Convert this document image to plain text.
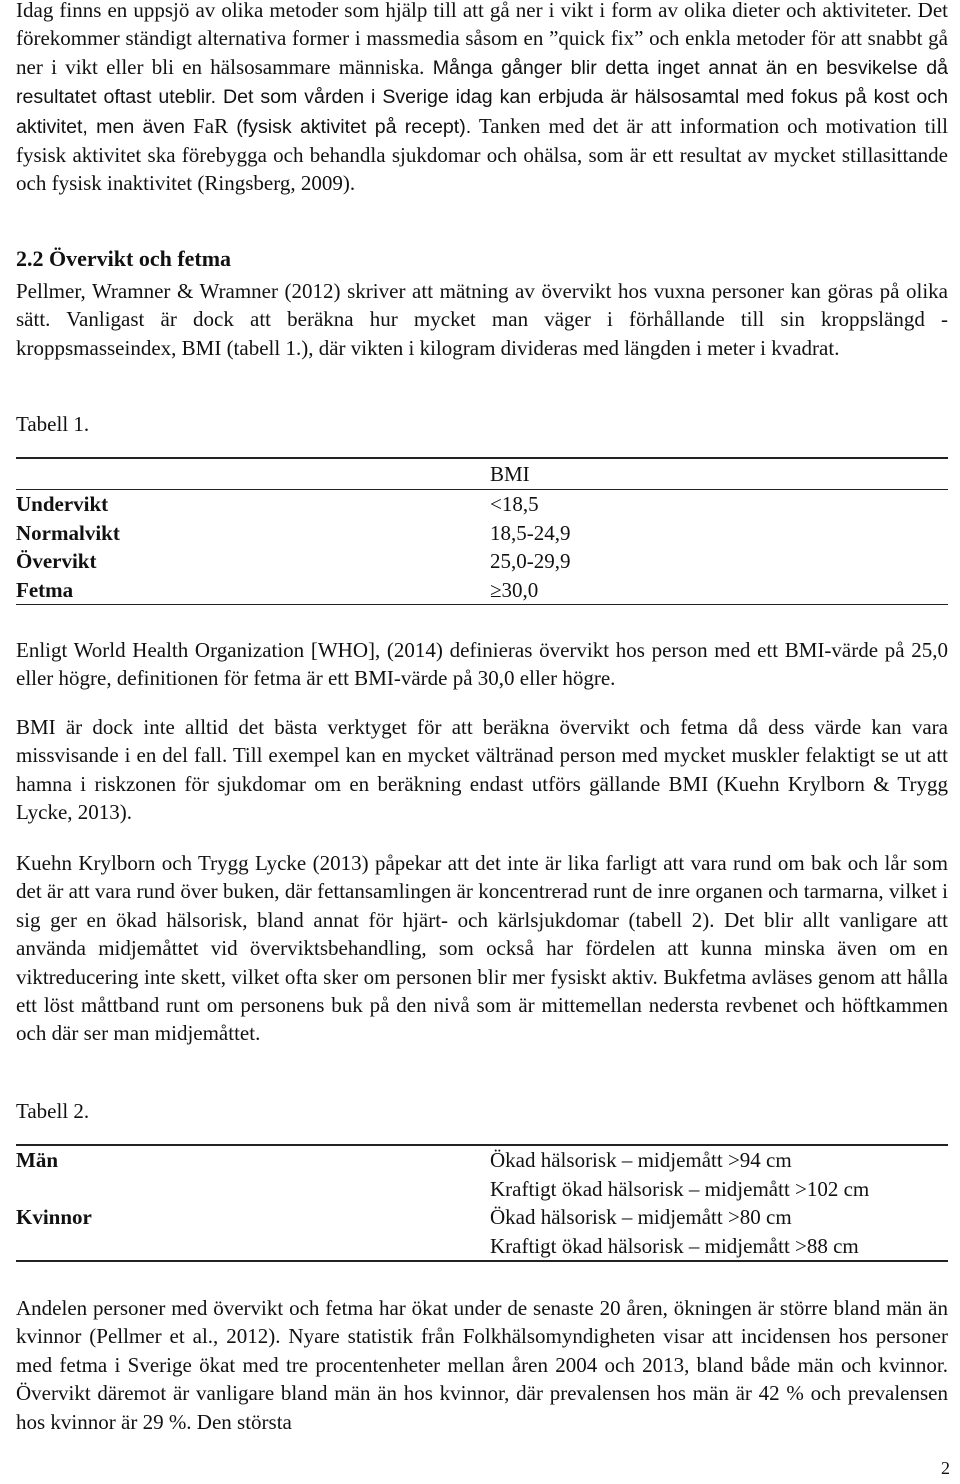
Idag finns en uppsjö av olika metoder som hjälp till att gå ner i vikt i form av olika dieter och aktiviteter. Det förekommer ständigt alternativa former i massmedia såsom en ”quick fix” och enkla metoder för att snabbt gå ner i vikt eller bli en hälsosammare människa. Många gånger blir detta inget annat än en besvikelse då resultatet oftast uteblir. Det som vården i Sverige idag kan erbjuda är hälsosamtal med fokus på kost och aktivitet, men även FaR (fysisk aktivitet på recept). Tanken med det är att information och motivation till fysisk aktivitet ska förebygga och behandla sjukdomar och ohälsa, som är ett resultat av mycket stillasittande och fysisk inaktivitet (Ringsberg, 2009).

2.2 Övervikt och fetma

Pellmer, Wramner & Wramner (2012) skriver att mätning av övervikt hos vuxna personer kan göras på olika sätt. Vanligast är dock att beräkna hur mycket man väger i förhållande till sin kroppslängd - kroppsmasseindex, BMI (tabell 1.), där vikten i kilogram divideras med längden i meter i kvadrat.

Tabell 1.

BMI
Undervikt	<18,5
Normalvikt	18,5-24,9
Övervikt	25,0-29,9
Fetma	≥30,0

Enligt World Health Organization [WHO], (2014) definieras övervikt hos person med ett BMI-värde på 25,0 eller högre, definitionen för fetma är ett BMI-värde på 30,0 eller högre.

BMI är dock inte alltid det bästa verktyget för att beräkna övervikt och fetma då dess värde kan vara missvisande i en del fall. Till exempel kan en mycket vältränad person med mycket muskler felaktigt se ut att hamna i riskzonen för sjukdomar om en beräkning endast utförs gällande BMI (Kuehn Krylborn & Trygg Lycke, 2013).

Kuehn Krylborn och Trygg Lycke (2013) påpekar att det inte är lika farligt att vara rund om bak och lår som det är att vara rund över buken, där fettansamlingen är koncentrerad runt de inre organen och tarmarna, vilket i sig ger en ökad hälsorisk, bland annat för hjärt- och kärlsjukdomar (tabell 2). Det blir allt vanligare att använda midjemåttet vid överviktsbehandling, som också har fördelen att kunna minska även om en viktreducering inte skett, vilket ofta sker om personen blir mer fysiskt aktiv. Bukfetma avläses genom att hålla ett löst måttband runt om personens buk på den nivå som är mittemellan nedersta revbenet och höftkammen och där ser man midjemåttet.

Tabell 2.

Män	Ökad hälsorisk – midjemått >94 cm
Kraftigt ökad hälsorisk – midjemått >102 cm
Kvinnor	Ökad hälsorisk – midjemått >80 cm
Kraftigt ökad hälsorisk – midjemått >88 cm

Andelen personer med övervikt och fetma har ökat under de senaste 20 åren, ökningen är större bland män än kvinnor (Pellmer et al., 2012). Nyare statistik från Folkhälsomyndigheten visar att incidensen hos personer med fetma i Sverige ökat med tre procentenheter mellan åren 2004 och 2013, bland både män och kvinnor. Övervikt däremot är vanligare bland män än hos kvinnor, där prevalensen hos män är 42 % och prevalensen hos kvinnor är 29 %. Den största

2
